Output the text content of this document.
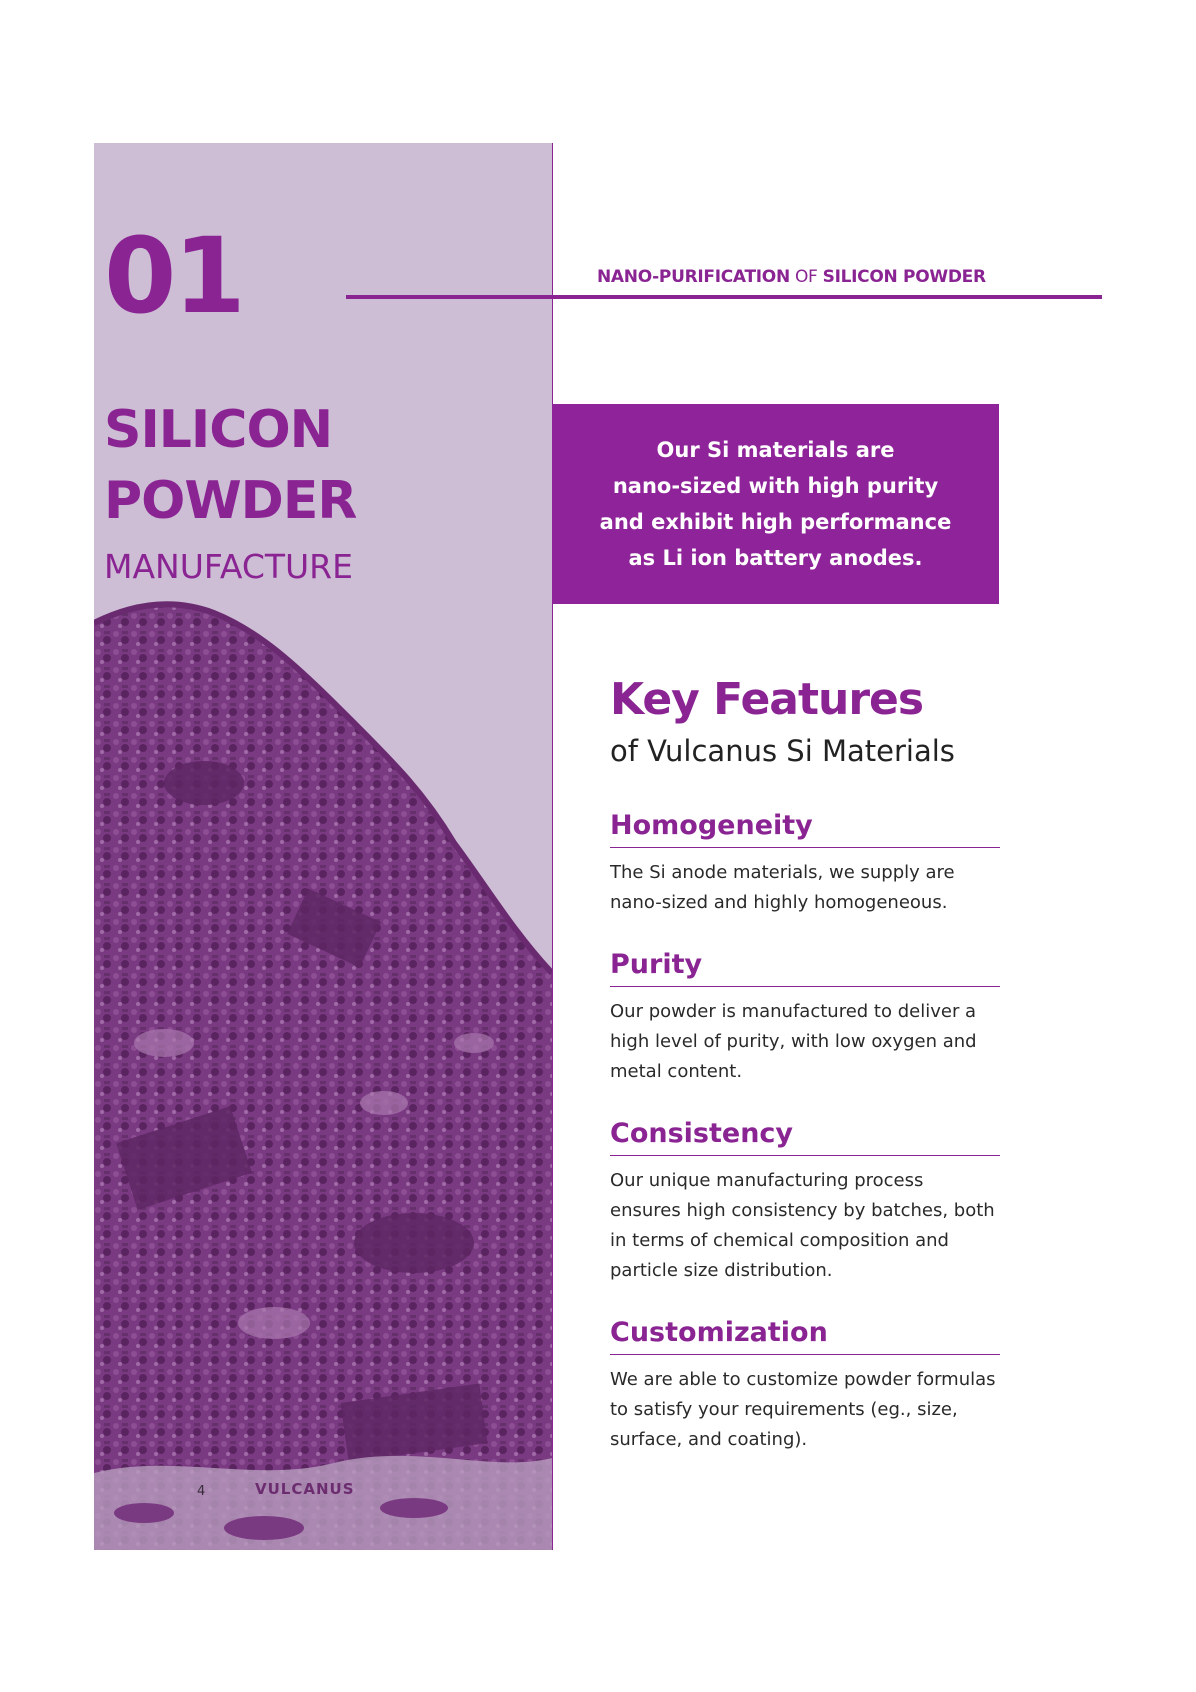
01
SILICON
POWDER
MANUFACTURE
NANO-PURIFICATION OF SILICON POWDER
Our Si materials are
nano-sized with high purity
and exhibit high performance
as Li ion battery anodes.
Key Features
of Vulcanus Si Materials
Homogeneity
The Si anode materials, we supply are
nano-sized and highly homogeneous.
Purity
Our powder is manufactured to deliver a
high level of purity, with low oxygen and
metal content.
Consistency
Our unique manufacturing process
ensures high consistency by batches, both
in terms of chemical composition and
particle size distribution.
Customization
We are able to customize powder formulas
to satisfy your requirements (eg., size,
surface, and coating).
4	VULCANUS
